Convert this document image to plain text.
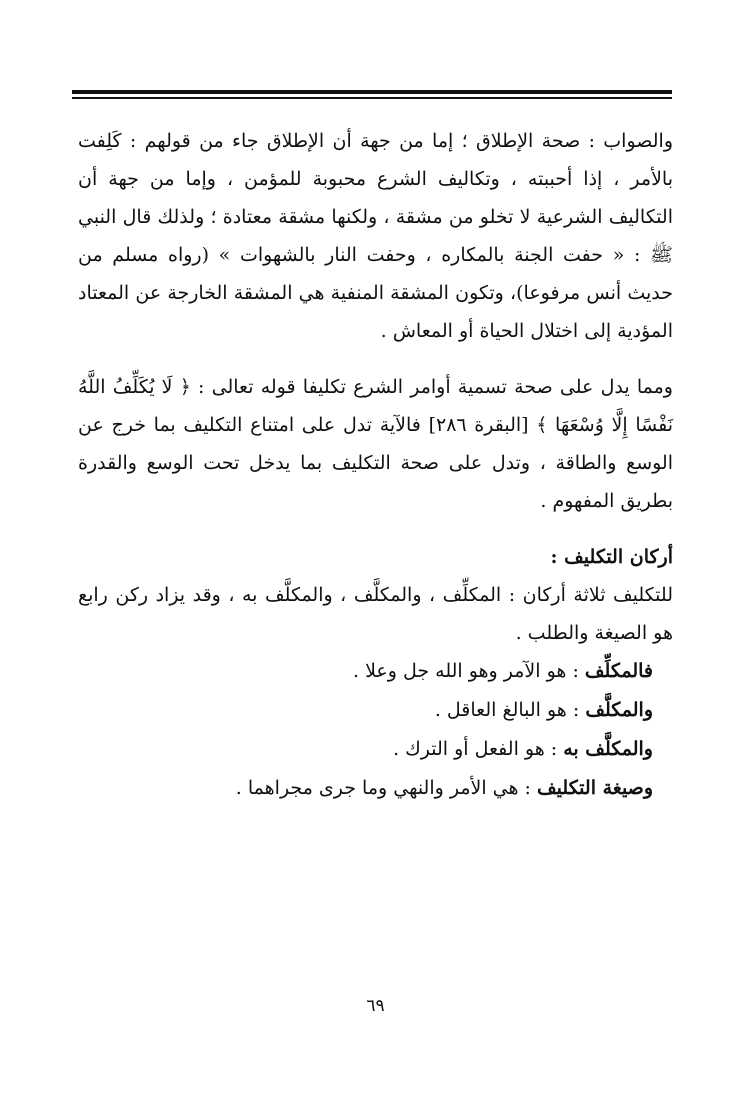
والصواب : صحة الإطلاق ؛ إما من جهة أن الإطلاق جاء من قولهم : كَلِفت بالأمر ، إذا أحببته ، وتكاليف الشرع محبوبة للمؤمن ، وإما من جهة أن التكاليف الشرعية لا تخلو من مشقة ، ولكنها مشقة معتادة ؛ ولذلك قال النبي ﷺ : « حفت الجنة بالمكاره ، وحفت النار بالشهوات » (رواه مسلم من حديث أنس مرفوعا)، وتكون المشقة المنفية هي المشقة الخارجة عن المعتاد المؤدية إلى اختلال الحياة أو المعاش .

ومما يدل على صحة تسمية أوامر الشرع تكليفا قوله تعالى : ﴿ لَا يُكَلِّفُ اللَّهُ نَفْسًا إِلَّا وُسْعَهَا ﴾ [البقرة ٢٨٦] فالآية تدل على امتناع التكليف بما خرج عن الوسع والطاقة ، وتدل على صحة التكليف بما يدخل تحت الوسع والقدرة بطريق المفهوم .

أركان التكليف :

للتكليف ثلاثة أركان : المكلِّف ، والمكلَّف ، والمكلَّف به ، وقد يزاد ركن رابع هو الصيغة والطلب .

فالمكلِّف : هو الآمر وهو الله جل وعلا .
والمكلَّف : هو البالغ العاقل .
والمكلَّف به : هو الفعل أو الترك .
وصيغة التكليف : هي الأمر والنهي وما جرى مجراهما .
٦٩
